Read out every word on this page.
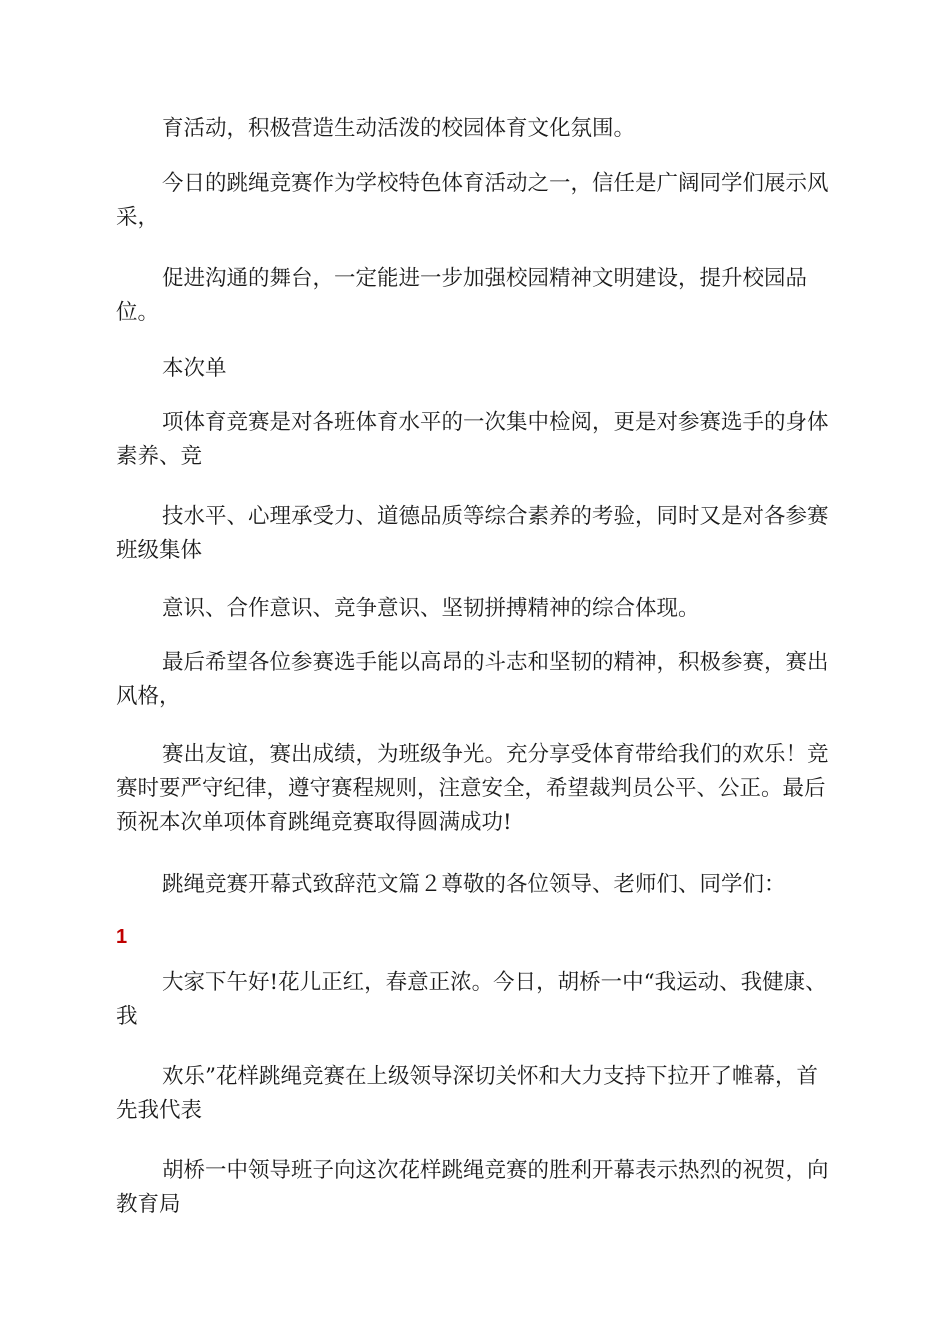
育活动，积极营造生动活泼的校园体育文化氛围。

今日的跳绳竞赛作为学校特色体育活动之一，信任是广阔同学们展示风采，

促进沟通的舞台，一定能进一步加强校园精神文明建设，提升校园品位。

本次单

项体育竞赛是对各班体育水平的一次集中检阅，更是对参赛选手的身体素养、竞

技水平、心理承受力、道德品质等综合素养的考验，同时又是对各参赛班级集体

意识、合作意识、竞争意识、坚韧拼搏精神的综合体现。

最后希望各位参赛选手能以高昂的斗志和坚韧的精神，积极参赛，赛出风格，

赛出友谊，赛出成绩，为班级争光。充分享受体育带给我们的欢乐！竞赛时要严守纪律，遵守赛程规则，注意安全，希望裁判员公平、公正。最后预祝本次单项体育跳绳竞赛取得圆满成功!

跳绳竞赛开幕式致辞范文篇２尊敬的各位领导、老师们、同学们：

1

大家下午好!花儿正红，春意正浓。今日，胡桥一中“我运动、我健康、我

欢乐”花样跳绳竞赛在上级领导深切关怀和大力支持下拉开了帷幕，首先我代表

胡桥一中领导班子向这次花样跳绳竞赛的胜利开幕表示热烈的祝贺，向教育局
